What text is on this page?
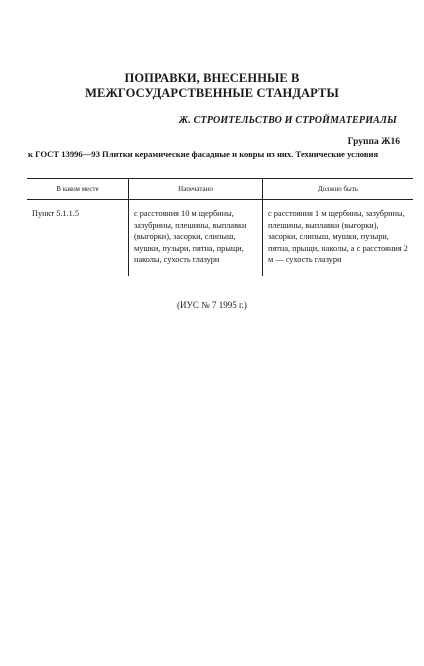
ПОПРАВКИ, ВНЕСЕННЫЕ В
МЕЖГОСУДАРСТВЕННЫЕ СТАНДАРТЫ
Ж. СТРОИТЕЛЬСТВО И СТРОЙМАТЕРИАЛЫ
Группа Ж16
к ГОСТ 13996—93 Плитки керамические фасадные и ковры из них. Технические условия
В каком месте	Напечатано	Должно быть
Пункт 5.1.1.5	с расстояния 10 м щербины, зазубрины, плешины, выплавки (выгорки), засорки, слипыш, мушки, пузыри, пятна, прыщи, наколы, сухость глазури	с расстояния 1 м щербины, зазубрины, плешины, выплавки (выгорки), засорки, слипыш, мушки, пузыри, пятна, прыщи, наколы, а с расстояния 2 м — сухость глазури
(ИУС № 7 1995 г.)
